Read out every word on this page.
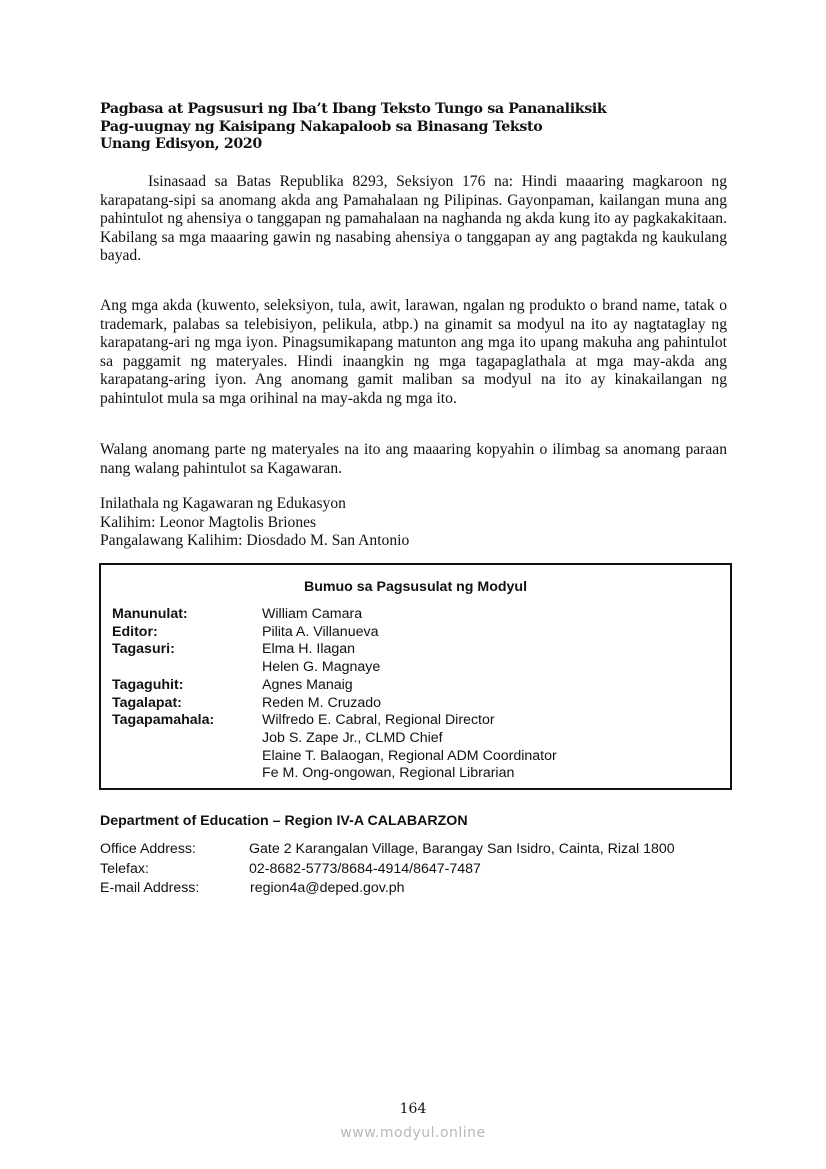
Pagbasa at Pagsusuri ng Iba’t Ibang Teksto Tungo sa Pananaliksik
Pag-uugnay ng Kaisipang Nakapaloob sa Binasang Teksto
Unang Edisyon, 2020

Isinasaad sa Batas Republika 8293, Seksiyon 176 na: Hindi maaaring magkaroon ng karapatang-sipi sa anomang akda ang Pamahalaan ng Pilipinas. Gayonpaman, kailangan muna ang pahintulot ng ahensiya o tanggapan ng pamahalaan na naghanda ng akda kung ito ay pagkakakitaan. Kabilang sa mga maaaring gawin ng nasabing ahensiya o tanggapan ay ang pagtakda ng kaukulang bayad.

Ang mga akda (kuwento, seleksiyon, tula, awit, larawan, ngalan ng produkto o brand name, tatak o trademark, palabas sa telebisiyon, pelikula, atbp.) na ginamit sa modyul na ito ay nagtataglay ng karapatang-ari ng mga iyon. Pinagsumikapang matunton ang mga ito upang makuha ang pahintulot sa paggamit ng materyales. Hindi inaangkin ng mga tagapaglathala at mga may-akda ang karapatang-aring iyon. Ang anomang gamit maliban sa modyul na ito ay kinakailangan ng pahintulot mula sa mga orihinal na may-akda ng mga ito.

Walang anomang parte ng materyales na ito ang maaaring kopyahin o ilimbag sa anomang paraan nang walang pahintulot sa Kagawaran.

Inilathala ng Kagawaran ng Edukasyon
Kalihim: Leonor Magtolis Briones
Pangalawang Kalihim: Diosdado M. San Antonio
Bumuo sa Pagsusulat ng Modyul
Manunulat:	William Camara
Editor:	Pilita A. Villanueva
Tagasuri:	Elma H. Ilagan
Helen G. Magnaye
Tagaguhit:	Agnes Manaig
Tagalapat:	Reden M. Cruzado
Tagapamahala:	Wilfredo E. Cabral, Regional Director
Job S. Zape Jr., CLMD Chief
Elaine T. Balaogan, Regional ADM Coordinator
Fe M. Ong-ongowan, Regional Librarian
Department of Education – Region IV-A CALABARZON
Office Address:	Gate 2 Karangalan Village, Barangay San Isidro, Cainta, Rizal 1800
Telefax:	02-8682-5773/8684-4914/8647-7487
E-mail Address:	region4a@deped.gov.ph
164
www.modyul.online
